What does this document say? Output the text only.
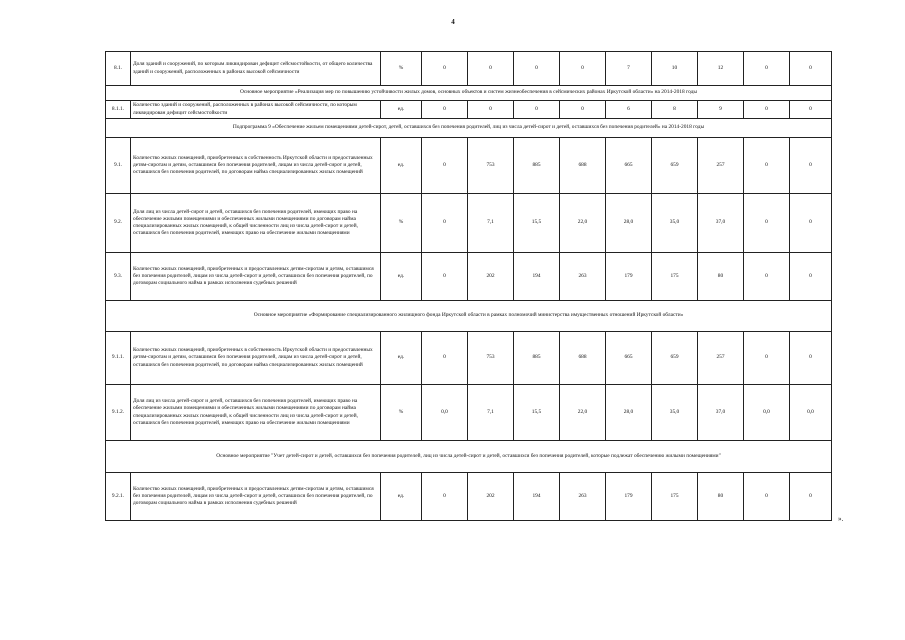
4
8.1.	Доля зданий и сооружений, по которым ликвидирован дефицит сейсмостойкости, от общего количества зданий и сооружений, расположенных в районах высокой сейсмичности	%	0	0	0	0	7	10	12	0	0
Основное мероприятие «Реализация мер по повышению устойчивости жилых домов, основных объектов и систем жизнеобеспечения в сейсмических районах Иркутской области» на 2014-2018 годы											
8.1.1.	Количество зданий и сооружений, расположенных в районах высокой сейсмичности, по которым ликвидирован дефицит сейсмостойкости	ед.	0	0	0	0	6	8	9	0	0
Подпрограмма 9 «Обеспечение жильем помещениями детей-сирот, детей, оставшихся без попечения родителей, лиц из числа детей-сирот и детей, оставшихся без попечения родителей» на 2014-2018 годы											
9.1.	Количество жилых помещений, приобретенных в собственность Иркутской области и предоставленных детям-сиротам и детям, оставшимся без попечения родителей, лицам из числа детей-сирот и детей, оставшихся без попечения родителей, по договорам найма специализированных жилых помещений	ед.	0	753	885	688	665	659	257	0	0
9.2.	Доля лиц из числа детей-сирот и детей, оставшихся без попечения родителей, имеющих право на обеспечение жилыми помещениями и обеспеченных жилыми помещениями по договорам найма специализированных жилых помещений, к общей численности лиц из числа детей-сирот и детей, оставшихся без попечения родителей, имеющих право на обеспечение жилыми помещениями	%	0	7,1	15,5	22,0	28,0	35,0	37,0	0	0
9.3.	Количество жилых помещений, приобретенных и предоставленных детям-сиротам и детям, оставшимся без попечения родителей, лицам из числа детей-сирот и детей, оставшихся без попечения родителей, по договорам социального найма в рамках исполнения судебных решений	ед.	0	202	194	263	179	175	80	0	0
Основное мероприятие «Формирование специализированного жилищного фонда Иркутской области в рамках полномочий министерства имущественных отношений Иркутской области»											
9.1.1.	Количество жилых помещений, приобретенных в собственность Иркутской области и предоставленных детям-сиротам и детям, оставшимся без попечения родителей, лицам из числа детей-сирот и детей, оставшихся без попечения родителей, по договорам найма специализированных жилых помещений	ед.	0	753	885	688	665	659	257	0	0
9.1.2.	Доля лиц из числа детей-сирот и детей, оставшихся без попечения родителей, имеющих право на обеспечение жилыми помещениями и обеспеченных жилыми помещениями по договорам найма специализированных жилых помещений, к общей численности лиц из числа детей-сирот и детей, оставшихся без попечения родителей, имеющих право на обеспечение жилыми помещениями	%	0,0	7,1	15,5	22,0	28,0	35,0	37,0	0,0	0,0
Основное мероприятие "Учет детей-сирот и детей, оставшихся без попечения родителей, лиц из числа детей-сирот и детей, оставшихся без попечения родителей, которые подлежат обеспечению жилыми помещениями"											
9.2.1.	Количество жилых помещений, приобретенных и предоставленных детям-сиротам и детям, оставшимся без попечения родителей, лицам из числа детей-сирот и детей, оставшихся без попечения родителей, по договорам социального найма в рамках исполнения судебных решений	ед.	0	202	194	263	179	175	80	0	0
».
